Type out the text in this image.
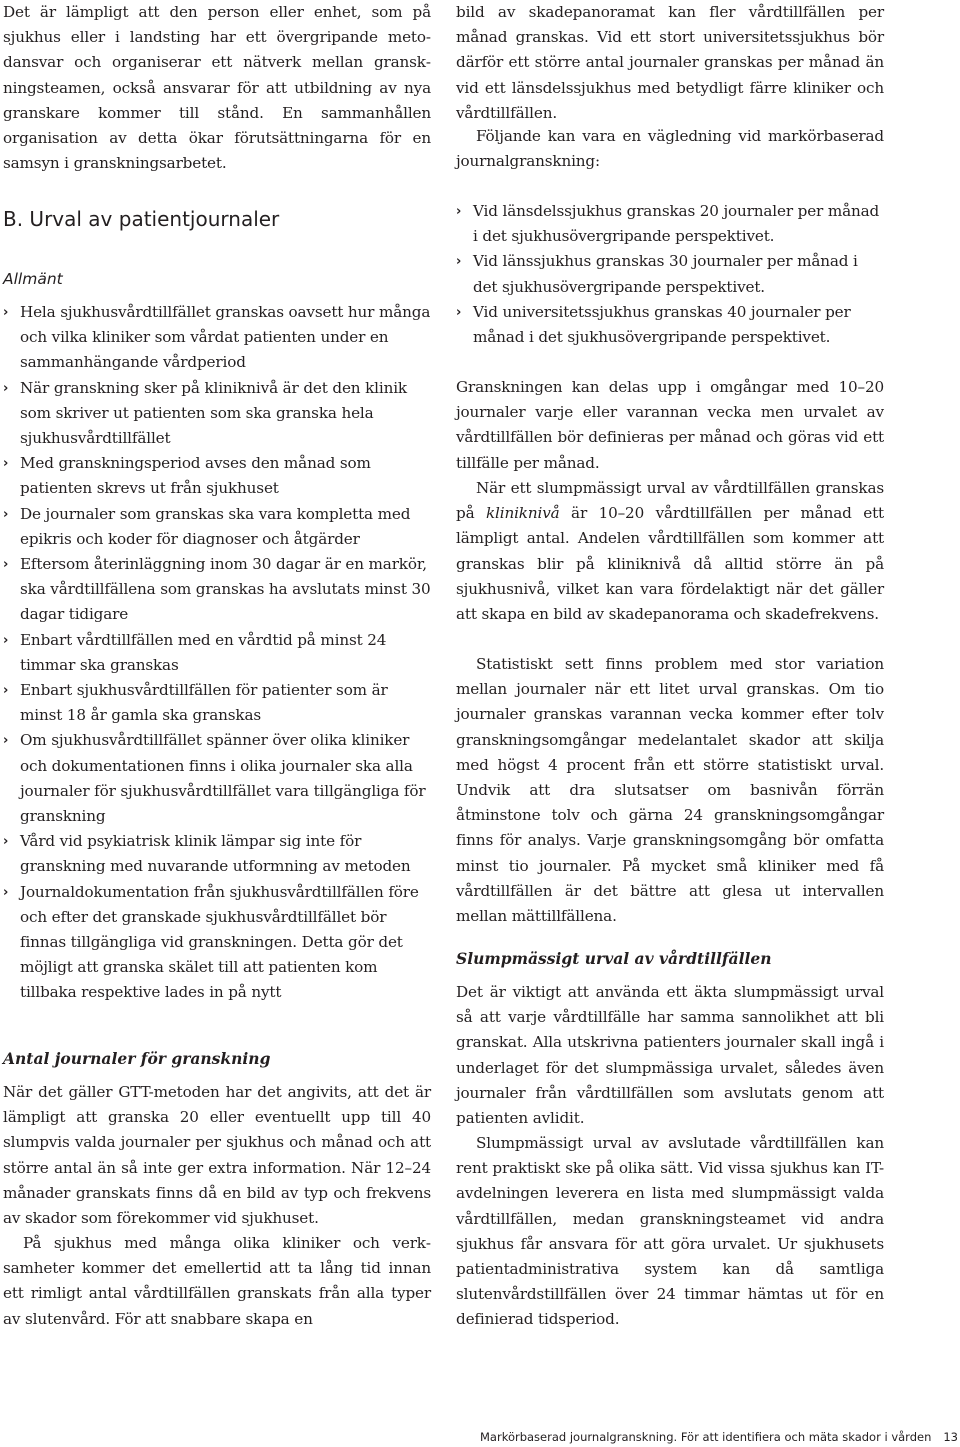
Det är lämpligt att den person eller enhet, som på sjukhus eller i landsting har ett övergripande metodansvar och organiserar ett nätverk mellan granskningsteamen, också ansvarar för att utbildning av nya granskare kommer till stånd. En sammanhållen organisation av detta ökar förutsättningarna för en samsyn i granskningsarbetet.

B. Urval av patientjournaler
Allmänt
› Hela sjukhusvårdtillfället granskas oavsett hur många och vilka kliniker som vårdat patienten under en sammanhängande vårdperiod
› När granskning sker på kliniknivå är det den klinik som skriver ut patienten som ska granska hela sjukhusvårdtillfället
› Med granskningsperiod avses den månad som patienten skrevs ut från sjukhuset
› De journaler som granskas ska vara kompletta med epikris och koder för diagnoser och åtgärder
› Eftersom återinläggning inom 30 dagar är en markör, ska vårdtillfällena som granskas ha avslutats minst 30 dagar tidigare
› Enbart vårdtillfällen med en vårdtid på minst 24 timmar ska granskas
› Enbart sjukhusvårdtillfällen för patienter som är minst 18 år gamla ska granskas
› Om sjukhusvårdtillfället spänner över olika kliniker och dokumentationen finns i olika journaler ska alla journaler för sjukhusvårdtillfället vara tillgängliga för granskning
› Vård vid psykiatrisk klinik lämpar sig inte för granskning med nuvarande utformning av metoden
› Journaldokumentation från sjukhusvårdtillfällen före och efter det granskade sjukhusvårdtillfället bör finnas tillgängliga vid granskningen. Detta gör det möjligt att granska skälet till att patienten kom tillbaka respektive lades in på nytt
Antal journaler för granskning

När det gäller GTT-metoden har det angivits, att det är lämpligt att granska 20 eller eventuellt upp till 40 slumpvis valda journaler per sjukhus och månad och att större antal än så inte ger extra information. När 12–24 månader granskats finns då en bild av typ och frekvens av skador som förekommer vid sjukhuset.

På sjukhus med många olika kliniker och verksamheter kommer det emellertid att ta lång tid innan ett rimligt antal vårdtillfällen granskats från alla typer av slutenvård. För att snabbare skapa en

bild av skadepanoramat kan fler vårdtillfällen per månad granskas. Vid ett stort universitetssjukhus bör därför ett större antal journaler granskas per månad än vid ett länsdelssjukhus med betydligt färre kliniker och vårdtillfällen.

Följande kan vara en vägledning vid markörbaserad journalgranskning:

› Vid länsdelssjukhus granskas 20 journaler per månad i det sjukhusövergripande perspektivet.
› Vid länssjukhus granskas 30 journaler per månad i det sjukhusövergripande perspektivet.
› Vid universitetssjukhus granskas 40 journaler per månad i det sjukhusövergripande perspektivet.

Granskningen kan delas upp i omgångar med 10–20 journaler varje eller varannan vecka men urvalet av vårdtillfällen bör definieras per månad och göras vid ett tillfälle per månad.

När ett slumpmässigt urval av vårdtillfällen granskas på kliniknivå är 10–20 vårdtillfällen per månad ett lämpligt antal. Andelen vårdtillfällen som kommer att granskas blir på kliniknivå då alltid större än på sjukhusnivå, vilket kan vara fördelaktigt när det gäller att skapa en bild av skadepanorama och skadefrekvens.

Statistiskt sett finns problem med stor variation mellan journaler när ett litet urval granskas. Om tio journaler granskas varannan vecka kommer efter tolv granskningsomgångar medelantalet skador att skilja med högst 4 procent från ett större statistiskt urval. Undvik att dra slutsatser om basnivån förrän åtminstone tolv och gärna 24 granskningsomgångar finns för analys. Varje granskningsomgång bör omfatta minst tio journaler. På mycket små kliniker med få vårdtillfällen är det bättre att glesa ut intervallen mellan mättillfällena.

Slumpmässigt urval av vårdtillfällen

Det är viktigt att använda ett äkta slumpmässigt urval så att varje vårdtillfälle har samma sannolikhet att bli granskat. Alla utskrivna patienters journaler skall ingå i underlaget för det slumpmässiga urvalet, således även journaler från vårdtillfällen som avslutats genom att patienten avlidit.

Slumpmässigt urval av avslutade vårdtillfällen kan rent praktiskt ske på olika sätt. Vid vissa sjukhus kan IT-avdelningen leverera en lista med slumpmässigt valda vårdtillfällen, medan granskningsteamet vid andra sjukhus får ansvara för att göra urvalet. Ur sjukhusets patientadministrativa system kan då samtliga slutenvårdstillfällen över 24 timmar hämtas ut för en definierad tidsperiod.

Markörbaserad journalgranskning. För att identifiera och mäta skador i vården 13
